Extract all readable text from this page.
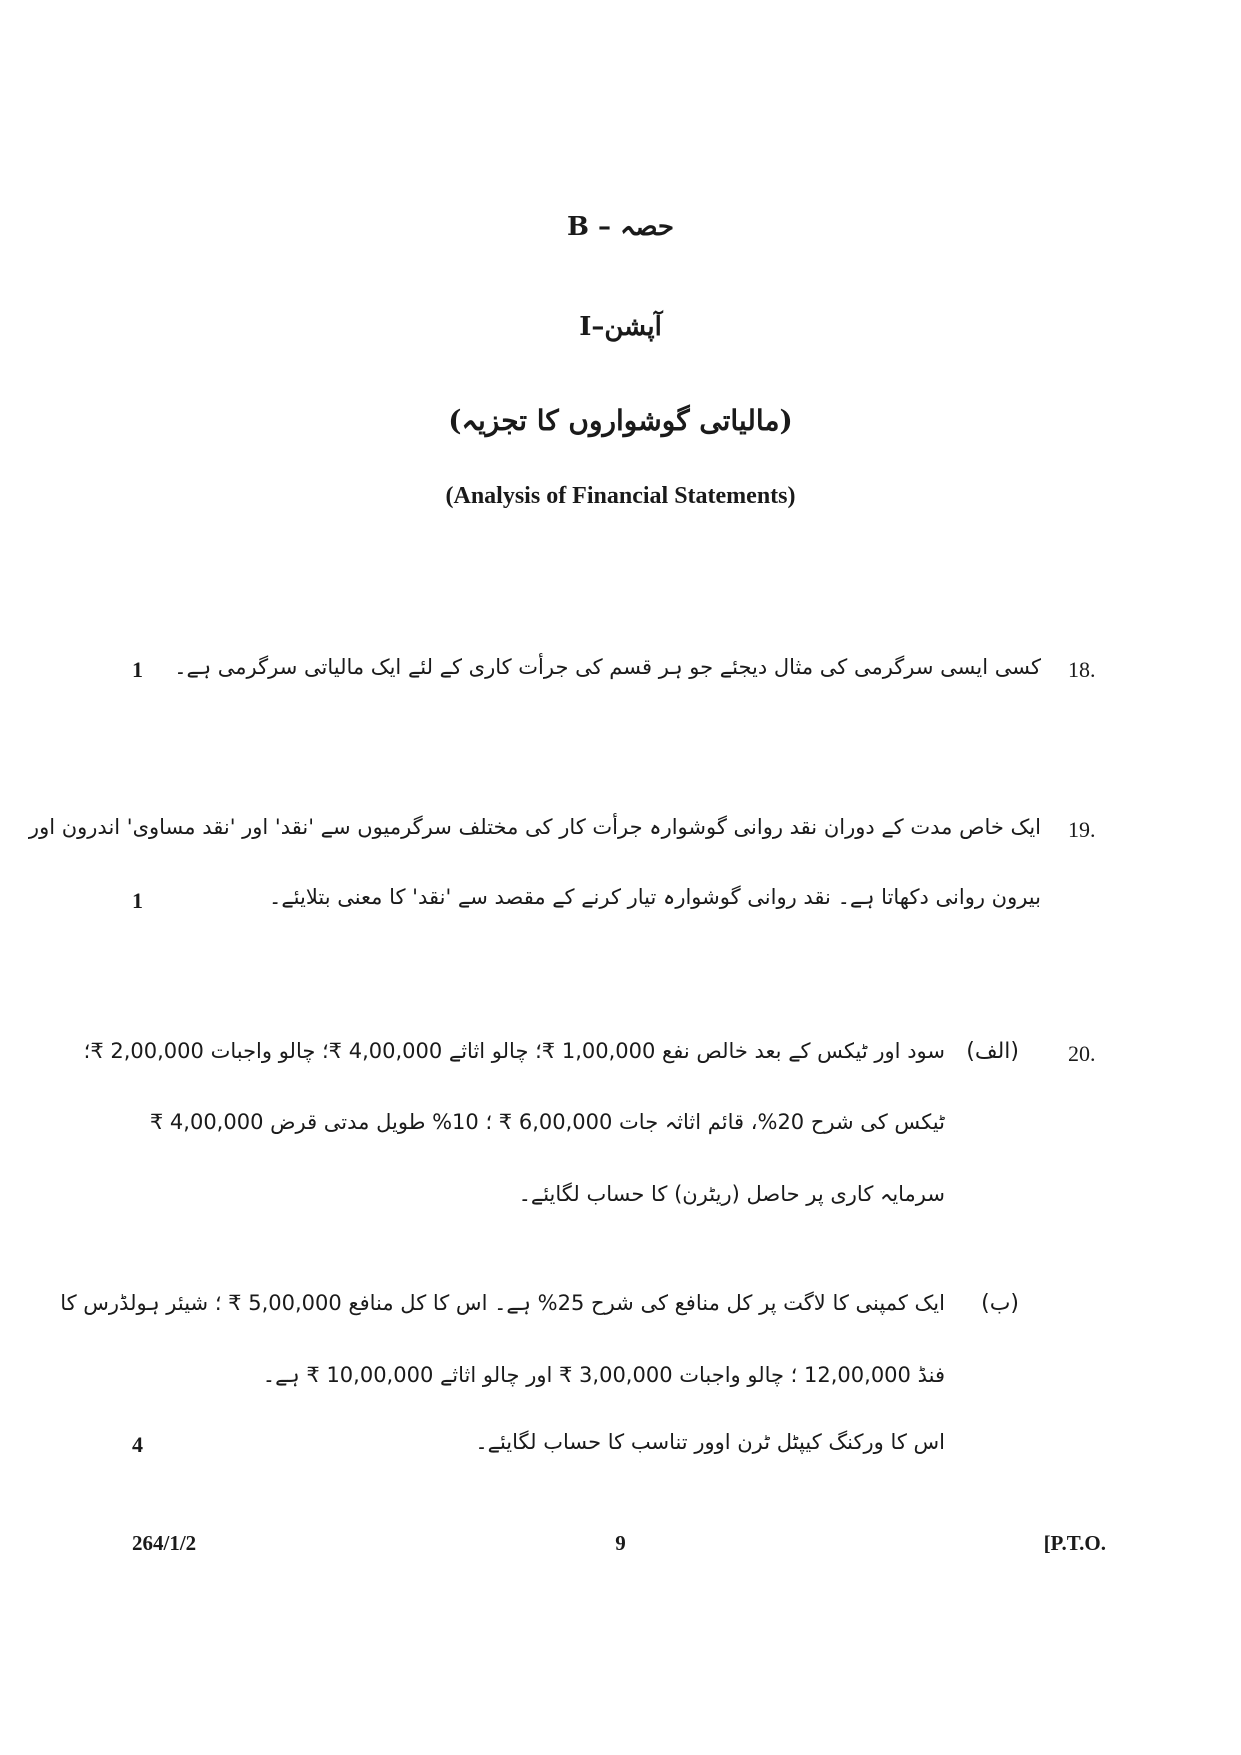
B – حصہ
I–آپشن
(مالیاتی گوشواروں کا تجزیہ)
(Analysis of Financial Statements)
18.
کسی ایسی سرگرمی کی مثال دیجئے جو ہر قسم کی جرأت کاری کے لئے ایک مالیاتی سرگرمی ہے۔
1
19.
ایک خاص مدت کے دوران نقد روانی گوشوارہ جرأت کار کی مختلف سرگرمیوں سے 'نقد' اور 'نقد مساوی' اندرون اور
بیرون روانی دکھاتا ہے۔ نقد روانی گوشوارہ تیار کرنے کے مقصد سے 'نقد' کا معنی بتلایئے۔
1
20.
(الف)
سود اور ٹیکس کے بعد خالص نفع 1,00,000 ₹؛ چالو اثاثے 4,00,000 ₹؛ چالو واجبات 2,00,000 ₹؛
ٹیکس کی شرح 20%، قائم اثاثہ جات 6,00,000 ₹ ؛ 10% طویل مدتی قرض 4,00,000 ₹
سرمایہ کاری پر حاصل (ریٹرن) کا حساب لگایئے۔
(ب)
ایک کمپنی کا لاگت پر کل منافع کی شرح 25% ہے۔ اس کا کل منافع 5,00,000 ₹ ؛ شیئر ہولڈرس کا
فنڈ 12,00,000 ؛ چالو واجبات 3,00,000 ₹ اور چالو اثاثے 10,00,000 ₹ ہے۔
اس کا ورکنگ کیپٹل ٹرن اوور تناسب کا حساب لگایئے۔
4
264/1/2	9	[P.T.O.
